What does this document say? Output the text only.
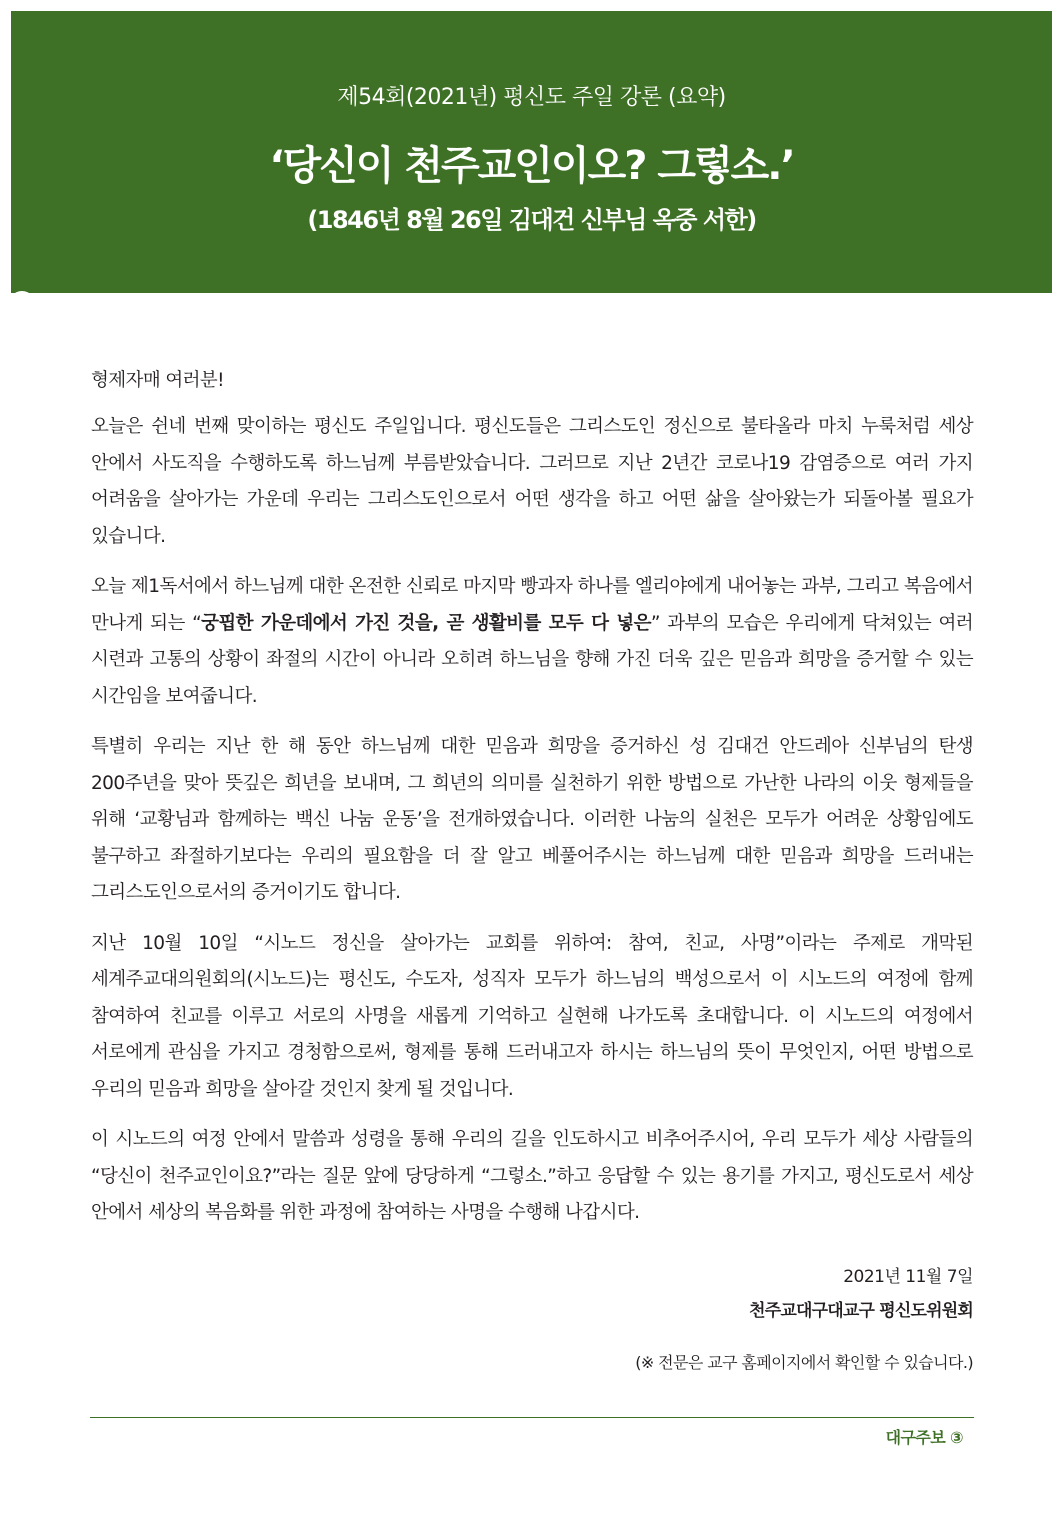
제54회(2021년) 평신도 주일 강론 (요약)
‘당신이 천주교인이오? 그렇소.’
(1846년 8월 26일 김대건 신부님 옥중 서한)

형제자매 여러분!

오늘은 쉰네 번째 맞이하는 평신도 주일입니다. 평신도들은 그리스도인 정신으로 불타올라 마치 누룩처럼 세상 안에서 사도직을 수행하도록 하느님께 부름받았습니다. 그러므로 지난 2년간 코로나19 감염증으로 여러 가지 어려움을 살아가는 가운데 우리는 그리스도인으로서 어떤 생각을 하고 어떤 삶을 살아왔는가 되돌아볼 필요가 있습니다.

오늘 제1독서에서 하느님께 대한 온전한 신뢰로 마지막 빵과자 하나를 엘리야에게 내어놓는 과부, 그리고 복음에서 만나게 되는 “궁핍한 가운데에서 가진 것을, 곧 생활비를 모두 다 넣은” 과부의 모습은 우리에게 닥쳐있는 여러 시련과 고통의 상황이 좌절의 시간이 아니라 오히려 하느님을 향해 가진 더욱 깊은 믿음과 희망을 증거할 수 있는 시간임을 보여줍니다.

특별히 우리는 지난 한 해 동안 하느님께 대한 믿음과 희망을 증거하신 성 김대건 안드레아 신부님의 탄생 200주년을 맞아 뜻깊은 희년을 보내며, 그 희년의 의미를 실천하기 위한 방법으로 가난한 나라의 이웃 형제들을 위해 ‘교황님과 함께하는 백신 나눔 운동’을 전개하였습니다. 이러한 나눔의 실천은 모두가 어려운 상황임에도 불구하고 좌절하기보다는 우리의 필요함을 더 잘 알고 베풀어주시는 하느님께 대한 믿음과 희망을 드러내는 그리스도인으로서의 증거이기도 합니다.

지난 10월 10일 “시노드 정신을 살아가는 교회를 위하여: 참여, 친교, 사명”이라는 주제로 개막된 세계주교대의원회의(시노드)는 평신도, 수도자, 성직자 모두가 하느님의 백성으로서 이 시노드의 여정에 함께 참여하여 친교를 이루고 서로의 사명을 새롭게 기억하고 실현해 나가도록 초대합니다. 이 시노드의 여정에서 서로에게 관심을 가지고 경청함으로써, 형제를 통해 드러내고자 하시는 하느님의 뜻이 무엇인지, 어떤 방법으로 우리의 믿음과 희망을 살아갈 것인지 찾게 될 것입니다.

이 시노드의 여정 안에서 말씀과 성령을 통해 우리의 길을 인도하시고 비추어주시어, 우리 모두가 세상 사람들의 “당신이 천주교인이요?”라는 질문 앞에 당당하게 “그렇소.”하고 응답할 수 있는 용기를 가지고, 평신도로서 세상 안에서 세상의 복음화를 위한 과정에 참여하는 사명을 수행해 나갑시다.

2021년 11월 7일
천주교대구대교구 평신도위원회
(※ 전문은 교구 홈페이지에서 확인할 수 있습니다.)
대구주보 ③
